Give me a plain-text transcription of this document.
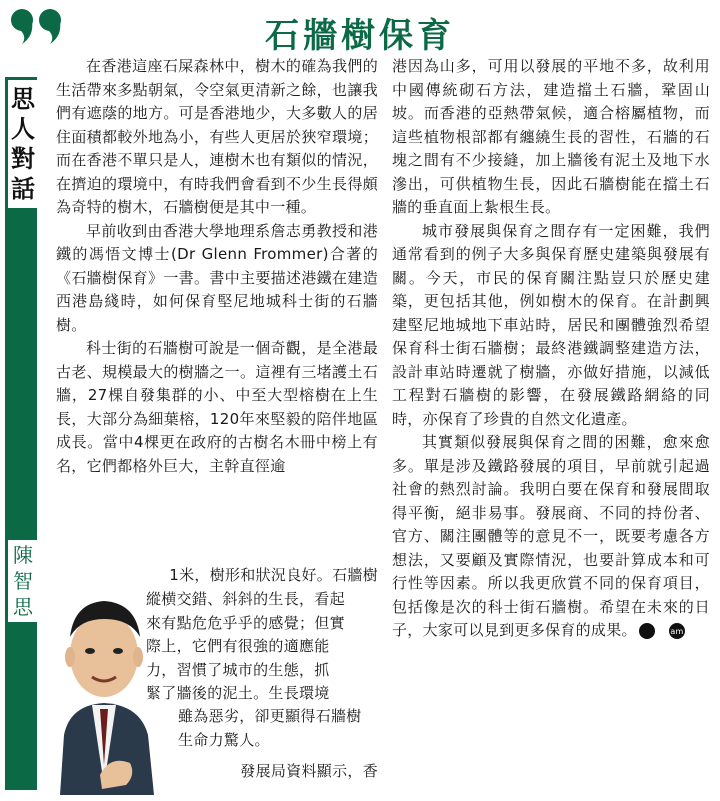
石牆樹保育
思人對話
陳智思

在香港這座石屎森林中，樹木的確為我們的生活帶來多點朝氣，令空氣更清新之餘，也讓我們有遮蔭的地方。可是香港地少，大多數人的居住面積都較外地為小，有些人更居於狹窄環境；而在香港不單只是人，連樹木也有類似的情況，在擠迫的環境中，有時我們會看到不少生長得頗為奇特的樹木，石牆樹便是其中一種。

早前收到由香港大學地理系詹志勇教授和港鐵的馮悟文博士(Dr Glenn Frommer)合著的《石牆樹保育》一書。書中主要描述港鐵在建造西港島綫時，如何保育堅尼地城科士街的石牆樹。

科士街的石牆樹可說是一個奇觀，是全港最古老、規模最大的樹牆之一。這裡有三堵護土石牆，27棵自發集群的小、中至大型榕樹在上生長，大部分為細葉榕，120年來堅毅的陪伴地區成長。當中4棵更在政府的古樹名木冊中榜上有名，它們都格外巨大，主幹直徑逾

1米，樹形和狀況良好。石牆樹
縱横交錯、斜斜的生長，看起
來有點危危乎乎的感覺；但實
際上，它們有很強的適應能
力，習慣了城市的生態，抓
緊了牆後的泥土。生長環境
雖為惡劣，卻更顯得石牆樹
生命力驚人。
發展局資料顯示，香

港因為山多，可用以發展的平地不多，故利用中國傳統砌石方法，建造擋土石牆，鞏固山坡。而香港的亞熱帶氣候，適合榕屬植物，而這些植物根部都有纏繞生長的習性，石牆的石塊之間有不少接縫，加上牆後有泥土及地下水滲出，可供植物生長，因此石牆樹能在擋土石牆的垂直面上紮根生長。

城市發展與保育之間存有一定困難，我們通常看到的例子大多與保育歷史建築與發展有關。今天，市民的保育關注點豈只於歷史建築，更包括其他，例如樹木的保育。在計劃興建堅尼地城地下車站時，居民和團體強烈希望保育科士街石牆樹；最終港鐵調整建造方法，設計車站時遷就了樹牆，亦做好措施，以減低工程對石牆樹的影響，在發展鐵路網絡的同時，亦保育了珍貴的自然文化遺產。

其實類似發展與保育之間的困難，愈來愈多。單是涉及鐵路發展的項目，早前就引起過社會的熱烈討論。我明白要在保育和發展間取得平衡，絕非易事。發展商、不同的持份者、官方、關注團體等的意見不一，既要考慮各方想法，又要顧及實際情況，也要計算成本和可行性等因素。所以我更欣賞不同的保育項目，包括像是次的科士街石牆樹。希望在未來的日子，大家可以見到更多保育的成果。	am
